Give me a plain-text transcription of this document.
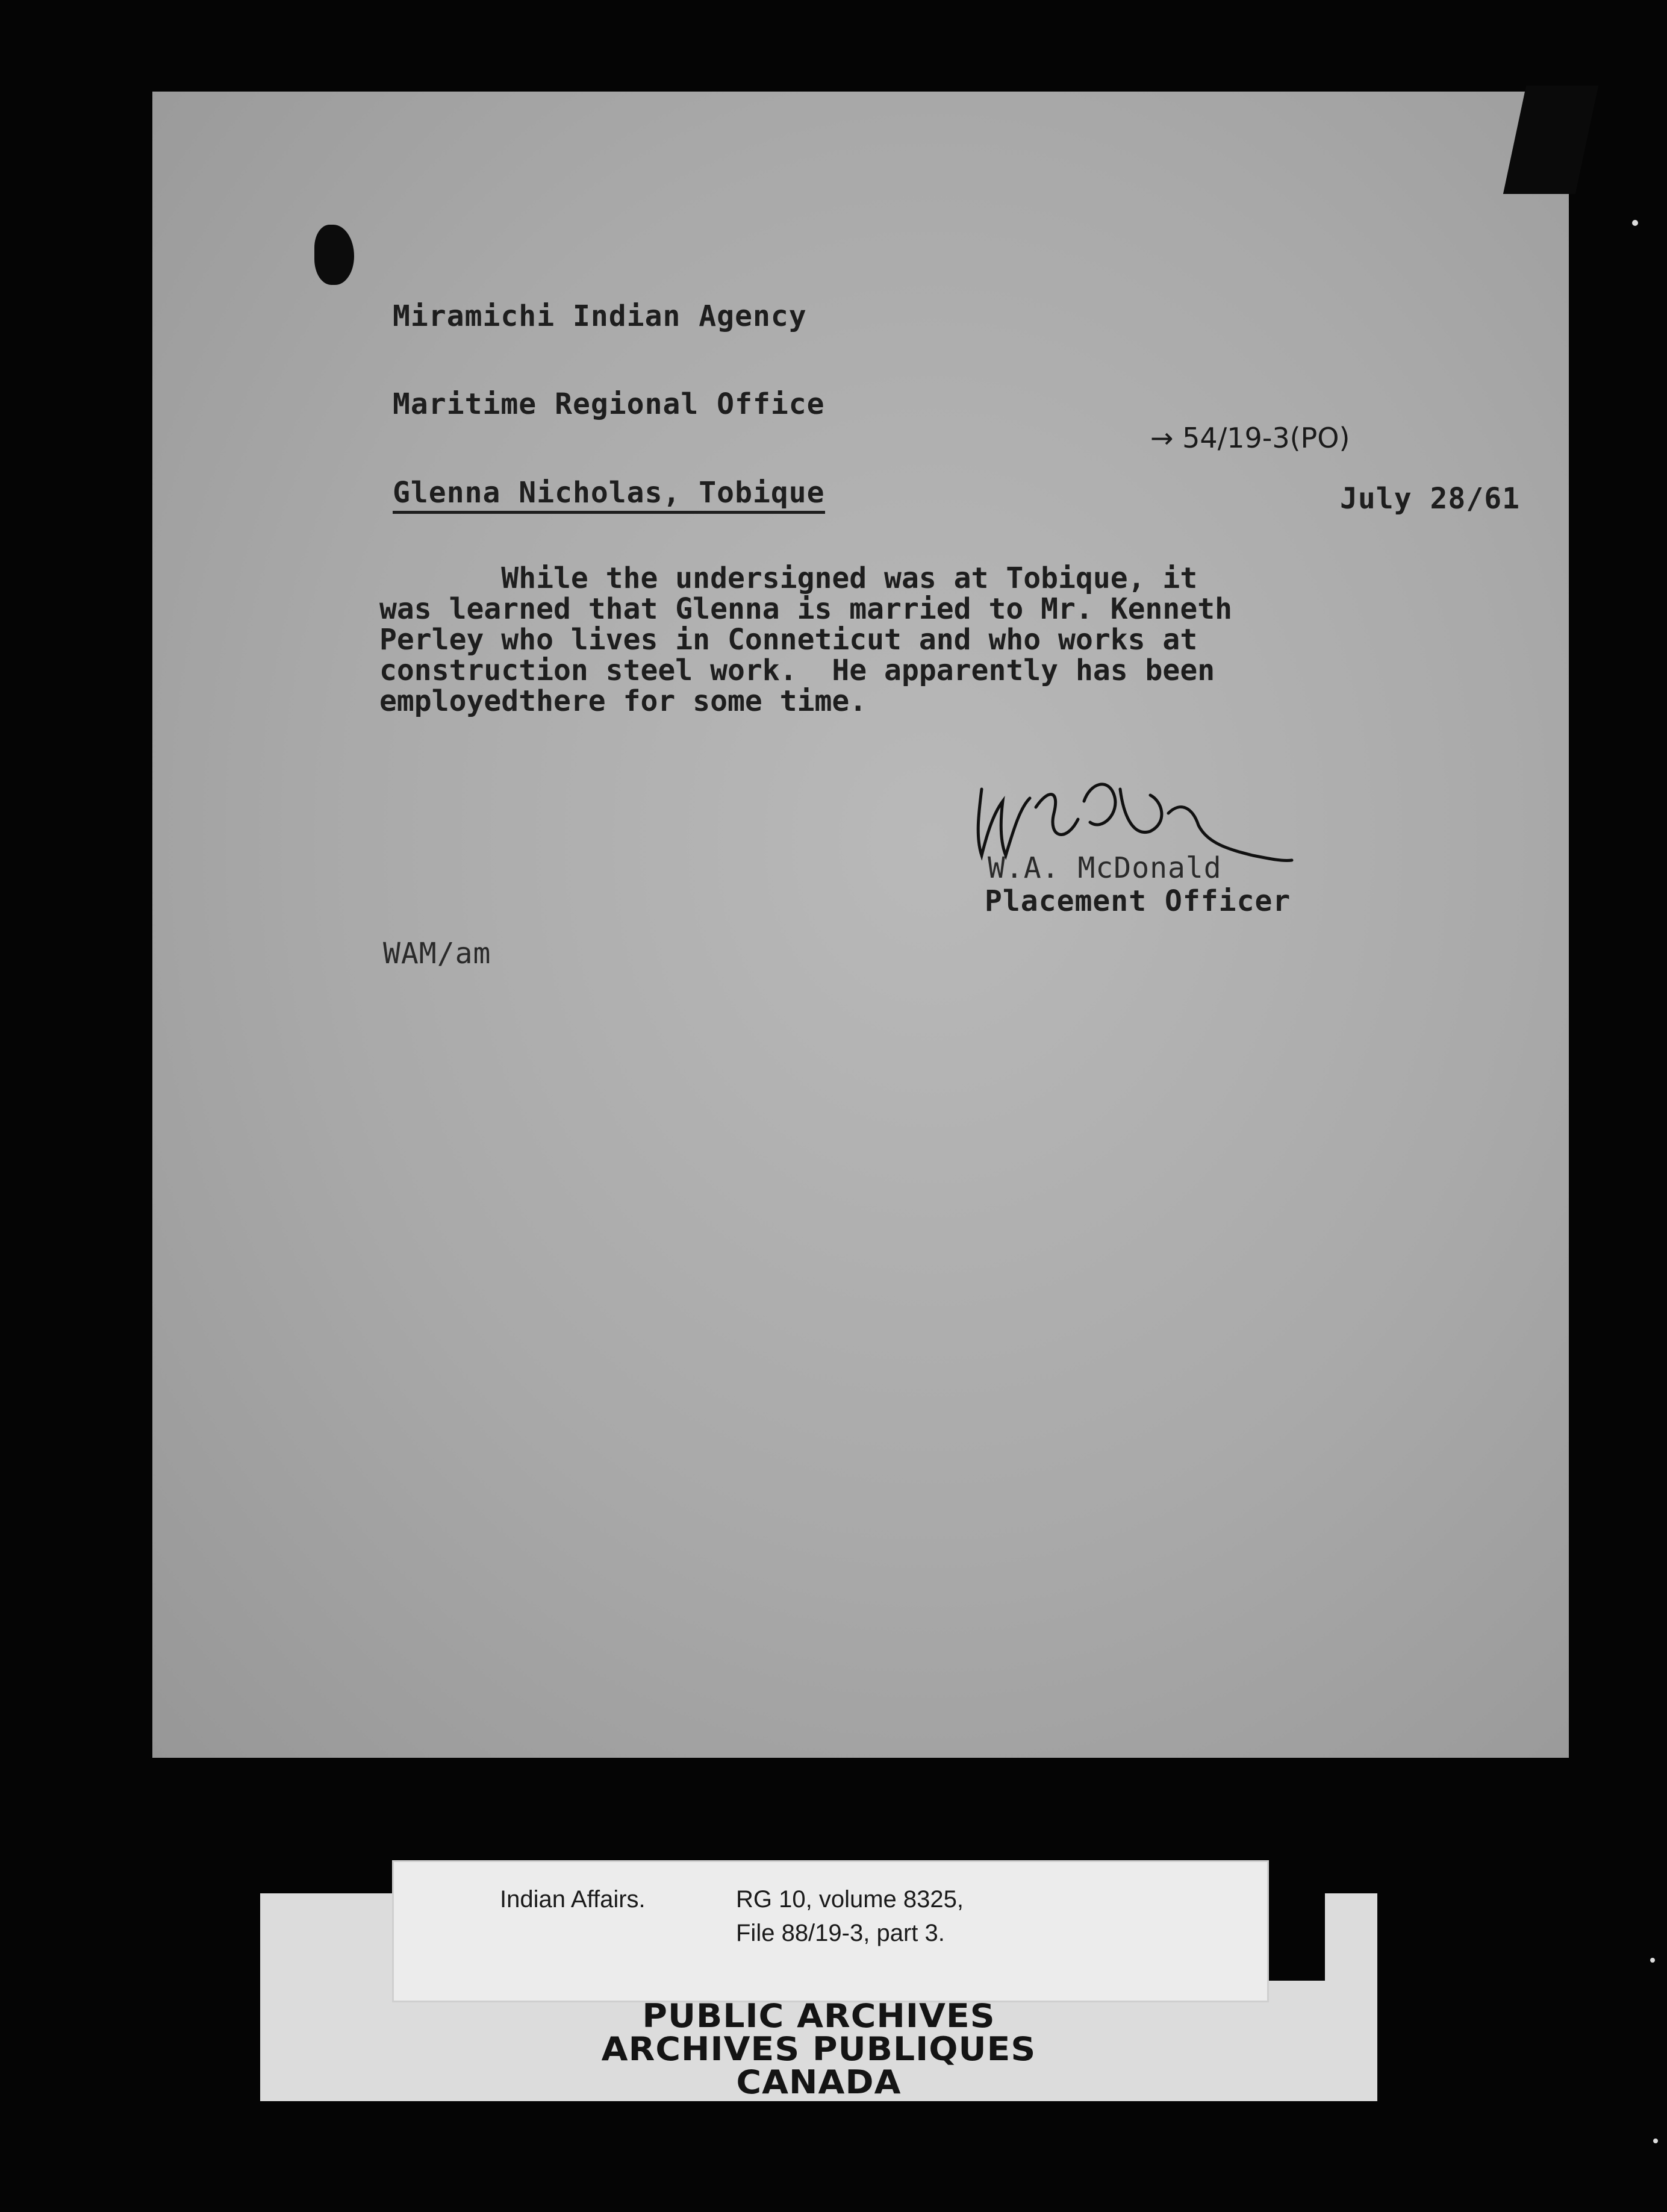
Miramichi Indian Agency
Maritime Regional Office
→ 54/19-3(PO)
Glenna Nicholas, Tobique	July 28/61
While the undersigned was at Tobique, it
was learned that Glenna is married to Mr. Kenneth
Perley who lives in Conneticut and who works at
construction steel work.  He apparently has been
employedthere for some time.
W.A. McDonald
Placement Officer
WAM/am
Indian Affairs.	RG 10, volume 8325,
File 88/19-3, part 3.
PUBLIC ARCHIVES
ARCHIVES PUBLIQUES
CANADA
